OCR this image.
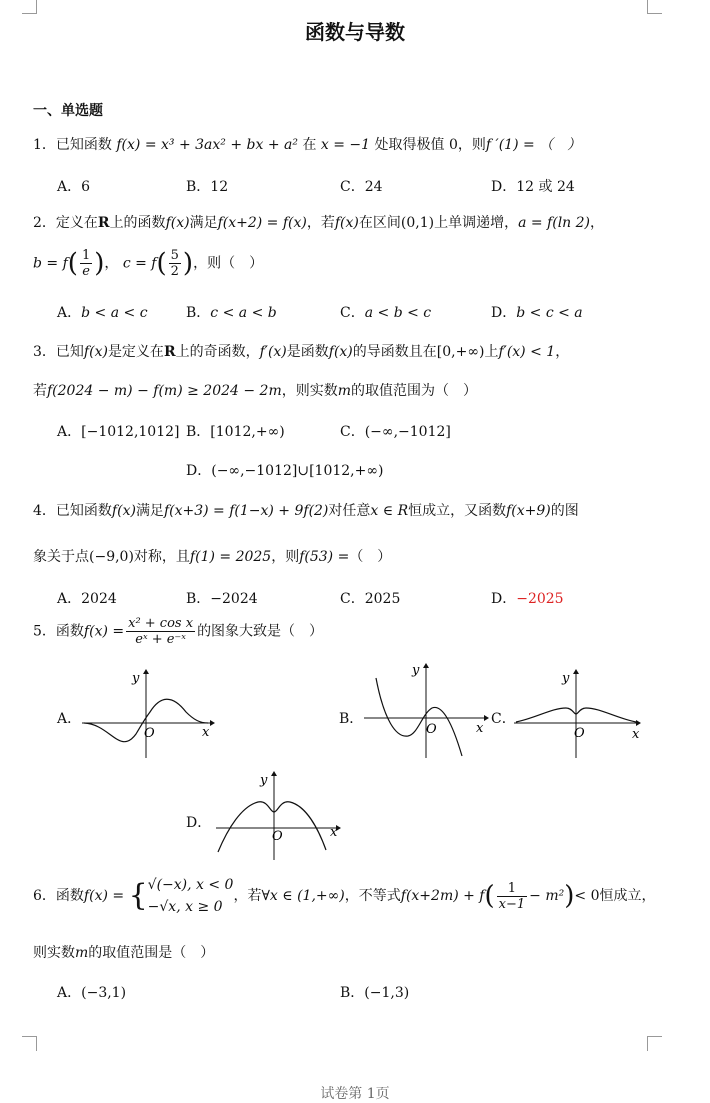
函数与导数
一、单选题
1．已知函数 f(x) = x³ + 3ax² + bx + a² 在 x = −1 处取得极值 0，则f ′(1) = （　）
A．6	B．12	C．24	D．12 或 24
2．定义在R上的函数f(x)满足f(x+2) = f(x)，若f(x)在区间(0,1)上单调递增，a = f(ln 2)，
$b = f( \frac{1}{e}$ )， $c = f( \frac{5}{2}$ )，则（　）
A．b < a < c	B．c < a < b	C．a < b < c	D．b < c < a
3．已知f(x)是定义在R上的奇函数，f′(x)是函数f(x)的导函数且在[0,+∞)上f′(x) < 1，
若f(2024 − m) − f(m) ≥ 2024 − 2m，则实数m的取值范围为（　）
A．[−1012,1012] B．[1012,+∞)	C．(−∞,−1012]
D．(−∞,−1012]∪[1012,+∞)
4．已知函数f(x)满足f(x+3) = f(1−x) + 9f(2)对任意x ∈ R恒成立，又函数f(x+9)的图
象关于点(−9,0)对称，且f(1) = 2025，则f(53) =（　）
A．2024	B．−2024	C．2025	D．−2025
5．函数$f(x) = \frac{\text{x² + cos x}}{\text{eˣ + e⁻ˣ}}$ 的图象大致是（　）
A．
y
x
O
B．
y
x
O
C．
y
x
O
D．
y
x
O
6．函数f(x) = { √(−x), x < 0
−√x, x ≥ 0
，若∀x ∈ (1,+∞)，不等式$f(x+2m) + f( \frac{1}{x-1} - m^2)< 0$恒成立，
则实数m的取值范围是（　）
A．(−3,1)	B．(−1,3)
试卷第 1页
